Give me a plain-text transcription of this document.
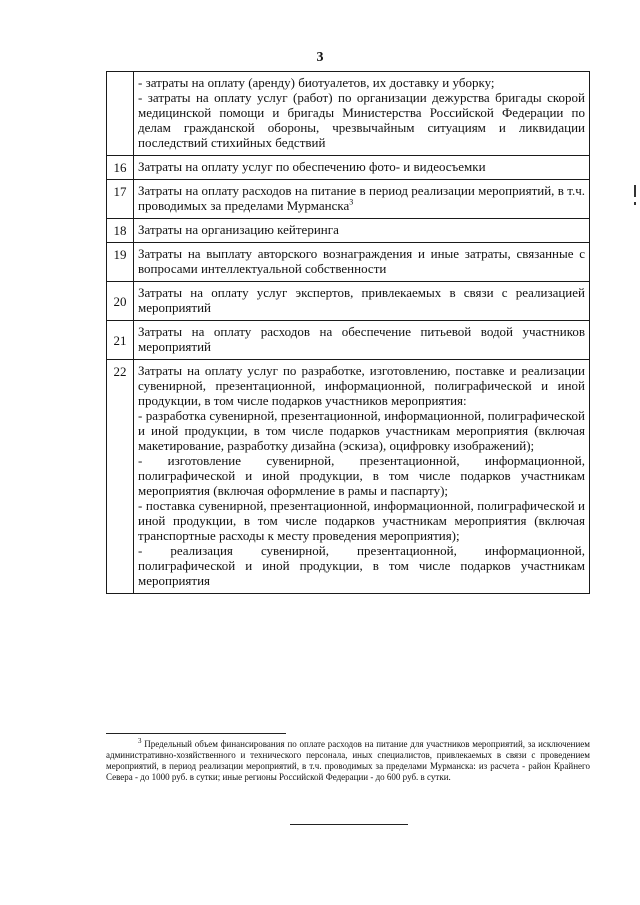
3

	- затраты на оплату (аренду) биотуалетов, их доставку и уборку;
- затраты на оплату услуг (работ) по организации дежурства бригады скорой медицинской помощи и бригады Министерства Российской Федерации по делам гражданской обороны, чрезвычайным ситуациям и ликвидации последствий стихийных бедствий

16	Затраты на оплату услуг по обеспечению фото- и видеосъемки

17	Затраты на оплату расходов на питание в период реализации мероприятий, в т.ч. проводимых за пределами Мурманска$^3$
18	Затраты на организацию кейтеринга

19	Затраты на выплату авторского вознаграждения и иные затраты, связанные с вопросами интеллектуальной собственности

20	Затраты на оплату услуг экспертов, привлекаемых в связи с реализацией мероприятий

21	Затраты на оплату расходов на обеспечение питьевой водой участников мероприятий

22	Затраты на оплату услуг по разработке, изготовлению, поставке и реализации сувенирной, презентационной, информационной, полиграфической и иной продукции, в том числе подарков участников мероприятия:
- разработка сувенирной, презентационной, информационной, полиграфической и иной продукции, в том числе подарков участникам мероприятия (включая макетирование, разработку дизайна (эскиза), оцифровку изображений);
- изготовление сувенирной, презентационной, информационной, полиграфической и иной продукции, в том числе подарков участникам мероприятия (включая оформление в рамы и паспарту);
- поставка сувенирной, презентационной, информационной, полиграфической и иной продукции, в том числе подарков участникам мероприятия (включая транспортные расходы к месту проведения мероприятия);
- реализация сувенирной, презентационной, информационной, полиграфической и иной продукции, в том числе подарков участникам мероприятия
$^3$ Предельный объем финансирования по оплате расходов на питание для участников мероприятий, за исключением административно-хозяйственного и технического персонала, иных специалистов, привлекаемых в связи с проведением мероприятий, в период реализации мероприятий, в т.ч. проводимых за пределами Мурманска: из расчета - район Крайнего Севера - до 1000 руб. в сутки; иные регионы Российской Федерации - до 600 руб. в сутки.
